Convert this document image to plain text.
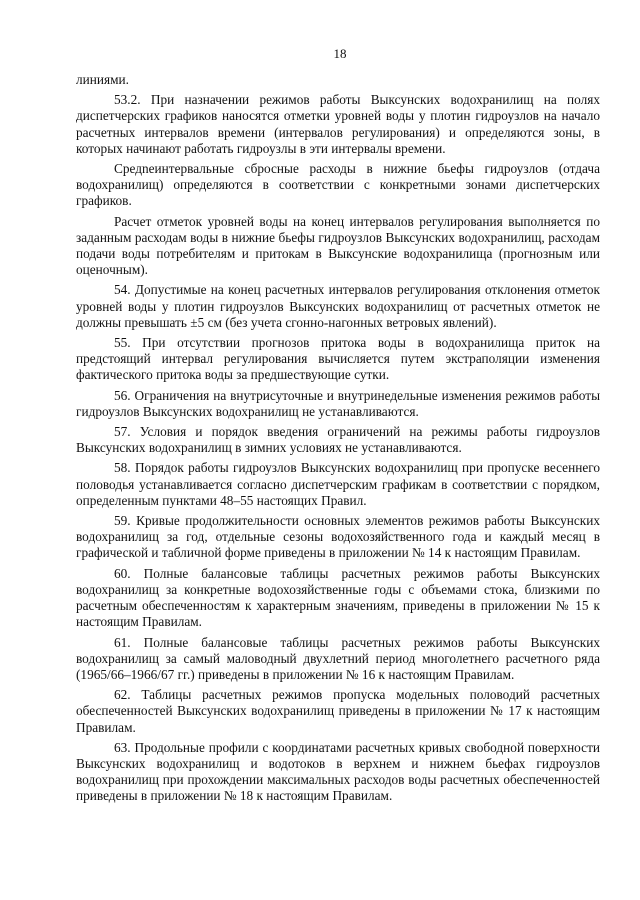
18

линиями.

53.2. При назначении режимов работы Выксунских водохранилищ на полях диспетчерских графиков наносятся отметки уровней воды у плотин гидроузлов на начало расчетных интервалов времени (интервалов регулирования) и определяются зоны, в которых начинают работать гидроузлы в эти интервалы времени.

Средneинтервальные сбросные расходы в нижние бьефы гидроузлов (отдача водохранилищ) определяются в соответствии с конкретными зонами диспетчерских графиков.

Расчет отметок уровней воды на конец интервалов регулирования выполняется по заданным расходам воды в нижние бьефы гидроузлов Выксунских водохранилищ, расходам подачи воды потребителям и притокам в Выксунские водохранилища (прогнозным или оценочным).

54. Допустимые на конец расчетных интервалов регулирования отклонения отметок уровней воды у плотин гидроузлов Выксунских водохранилищ от расчетных отметок не должны превышать ±5 см (без учета сгонно-нагонных ветровых явлений).

55. При отсутствии прогнозов притока воды в водохранилища приток на предстоящий интервал регулирования вычисляется путем экстраполяции изменения фактического притока воды за предшествующие сутки.

56. Ограничения на внутрисуточные и внутринедельные изменения режимов работы гидроузлов Выксунских водохранилищ не устанавливаются.

57. Условия и порядок введения ограничений на режимы работы гидроузлов Выксунских водохранилищ в зимних условиях не устанавливаются.

58. Порядок работы гидроузлов Выксунских водохранилищ при пропуске весеннего половодья устанавливается согласно диспетчерским графикам в соответствии с порядком, определенным пунктами 48–55 настоящих Правил.

59. Кривые продолжительности основных элементов режимов работы Выксунских водохранилищ за год, отдельные сезоны водохозяйственного года и каждый месяц в графической и табличной форме приведены в приложении № 14 к настоящим Правилам.

60. Полные балансовые таблицы расчетных режимов работы Выксунских водохранилищ за конкретные водохозяйственные годы с объемами стока, близкими по расчетным обеспеченностям к характерным значениям, приведены в приложении № 15 к настоящим Правилам.

61. Полные балансовые таблицы расчетных режимов работы Выксунских водохранилищ за самый маловодный двухлетний период многолетнего расчетного ряда (1965/66–1966/67 гг.) приведены в приложении № 16 к настоящим Правилам.

62. Таблицы расчетных режимов пропуска модельных половодий расчетных обеспеченностей Выксунских водохранилищ приведены в приложении № 17 к настоящим Правилам.

63. Продольные профили с координатами расчетных кривых свободной поверхности Выксунских водохранилищ и водотоков в верхнем и нижнем бьефах гидроузлов водохранилищ при прохождении максимальных расходов воды расчетных обеспеченностей приведены в приложении № 18 к настоящим Правилам.
